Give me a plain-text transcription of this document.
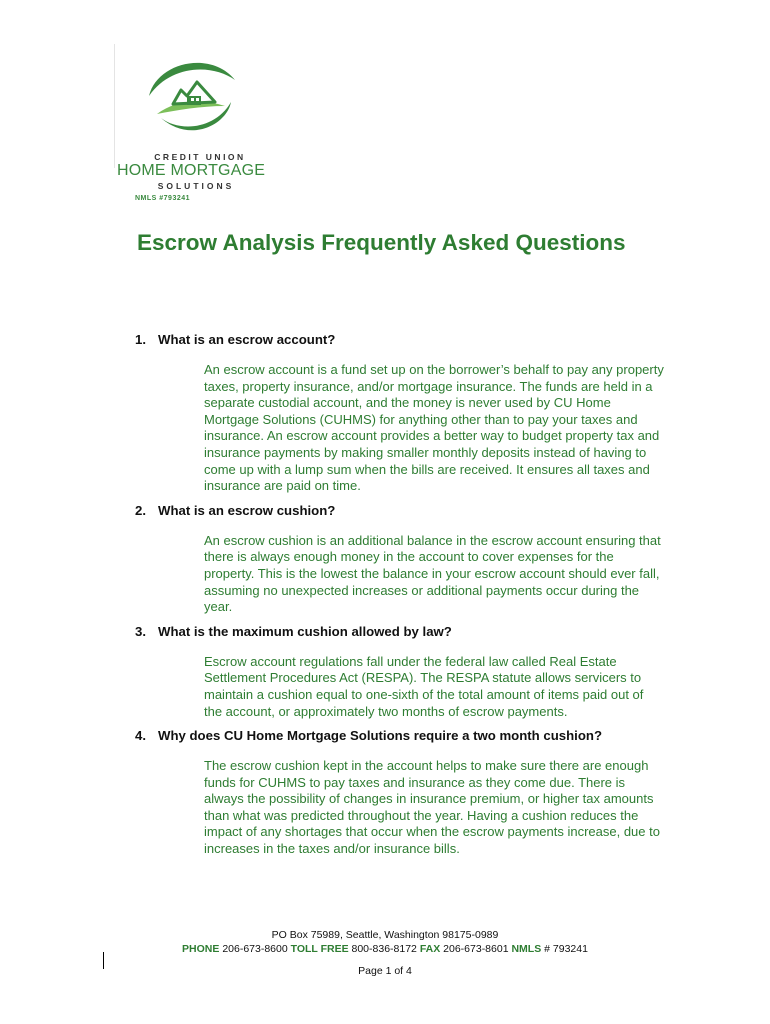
CREDIT UNION
HOME MORTGAGE
SOLUTIONS
NMLS #793241
Escrow Analysis Frequently Asked Questions
1. What is an escrow account?
An escrow account is a fund set up on the borrower’s behalf to pay any property taxes, property insurance, and/or mortgage insurance. The funds are held in a separate custodial account, and the money is never used by CU Home Mortgage Solutions (CUHMS) for anything other than to pay your taxes and insurance. An escrow account provides a better way to budget property tax and insurance payments by making smaller monthly deposits instead of having to come up with a lump sum when the bills are received. It ensures all taxes and insurance are paid on time.
2. What is an escrow cushion?
An escrow cushion is an additional balance in the escrow account ensuring that there is always enough money in the account to cover expenses for the property. This is the lowest the balance in your escrow account should ever fall, assuming no unexpected increases or additional payments occur during the year.
3. What is the maximum cushion allowed by law?
Escrow account regulations fall under the federal law called Real Estate Settlement Procedures Act (RESPA). The RESPA statute allows servicers to maintain a cushion equal to one-sixth of the total amount of items paid out of the account, or approximately two months of escrow payments.
4. Why does CU Home Mortgage Solutions require a two month cushion?
The escrow cushion kept in the account helps to make sure there are enough funds for CUHMS to pay taxes and insurance as they come due. There is always the possibility of changes in insurance premium, or higher tax amounts than what was predicted throughout the year. Having a cushion reduces the impact of any shortages that occur when the escrow payments increase, due to increases in the taxes and/or insurance bills.
PO Box 75989, Seattle, Washington 98175-0989
PHONE 206-673-8600 TOLL FREE 800-836-8172 FAX 206-673-8601 NMLS # 793241
Page 1 of 4
